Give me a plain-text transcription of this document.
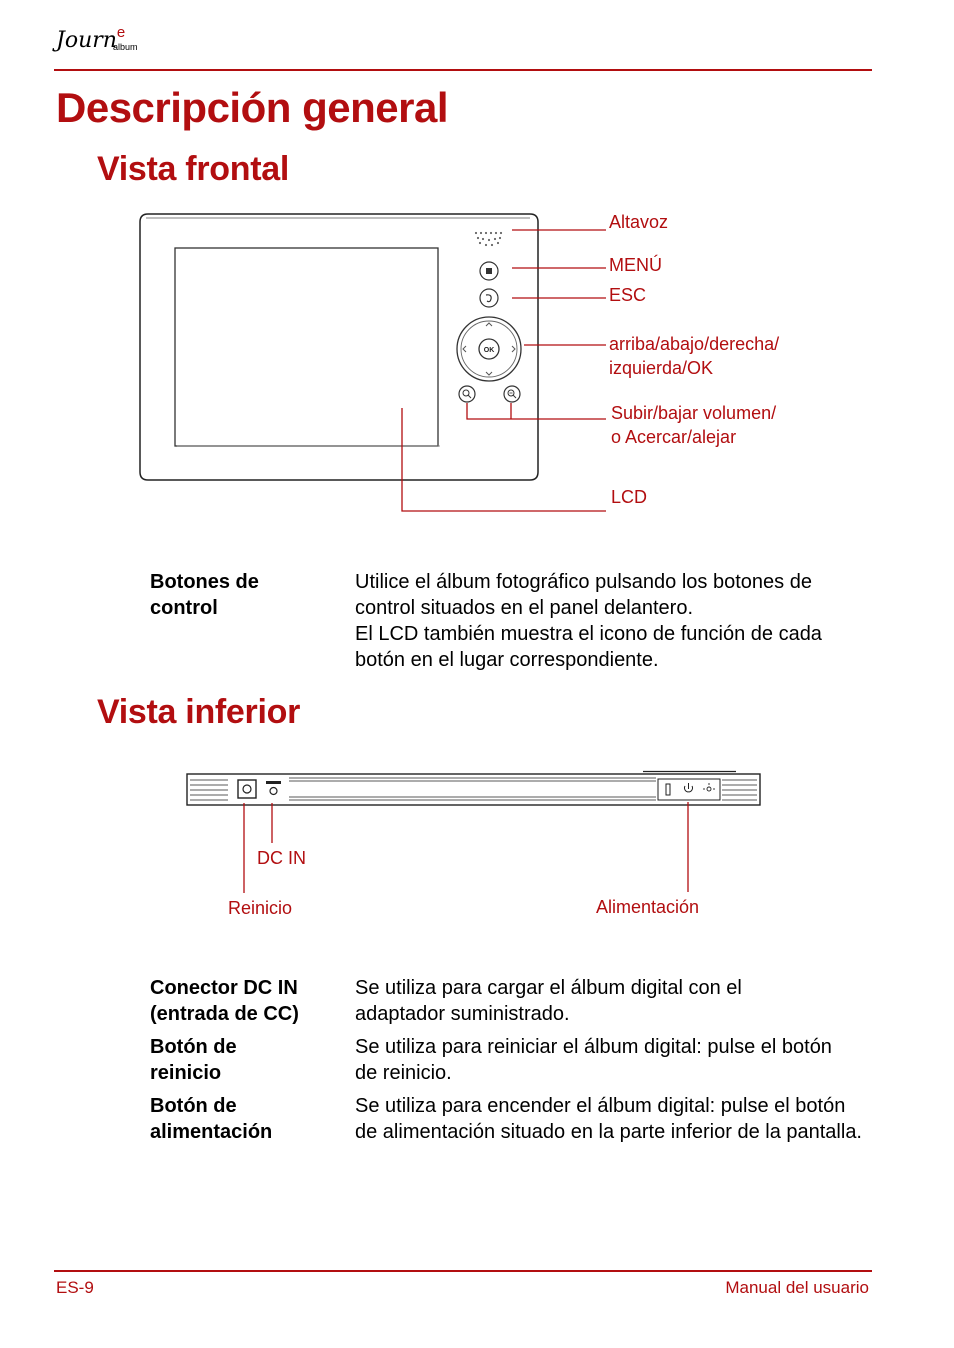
Journe
album
Descripción general
Vista frontal
OK
Altavoz
MENÚ
ESC
arriba/abajo/derecha/
izquierda/OK
Subir/bajar volumen/
o Acercar/alejar
LCD
Botones de control

Utilice el álbum fotográfico pulsando los botones de control situados en el panel delantero.

El LCD también muestra el icono de función de cada botón en el lugar correspondiente.

Vista inferior
DC IN
Reinicio	Alimentación
Conector DC IN (entrada de CC)
Se utiliza para cargar el álbum digital con el adaptador suministrado.
Botón de reinicio
Se utiliza para reiniciar el álbum digital: pulse el botón de reinicio.
Botón de alimentación
Se utiliza para encender el álbum digital: pulse el botón de alimentación situado en la parte inferior de la pantalla.
ES-9	Manual del usuario
